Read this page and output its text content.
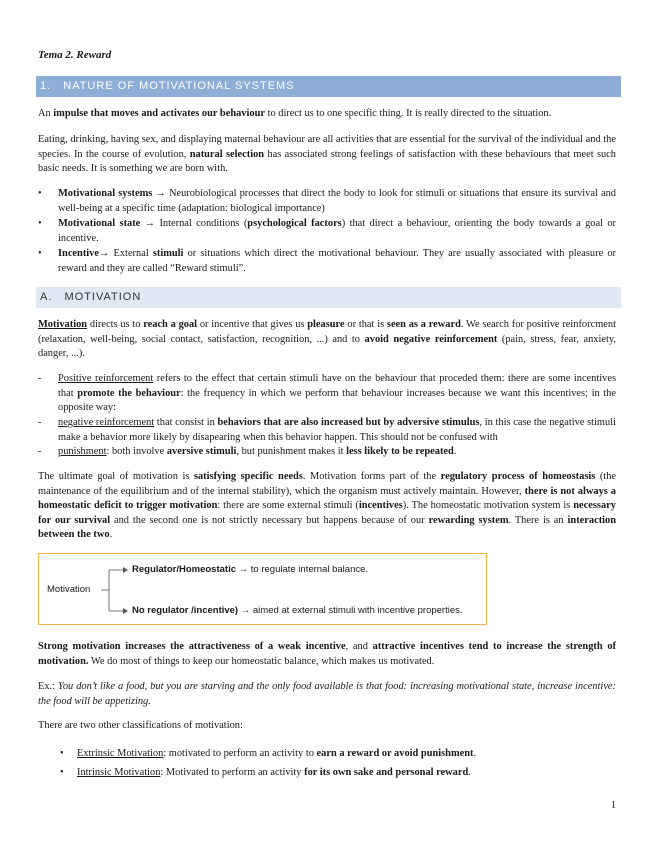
Tema 2. Reward
1. NATURE OF MOTIVATIONAL SYSTEMS

An impulse that moves and activates our behaviour to direct us to one specific thing. It is really directed to the situation.

Eating, drinking, having sex, and displaying maternal behaviour are all activities that are essential for the survival of the individual and the species. In the course of evolution, natural selection has associated strong feelings of satisfaction with these behaviours that meet such basic needs. It is something we are born with.

• Motivational systems → Neurobiological processes that direct the body to look for stimuli or situations that ensure its survival and well-being at a specific time (adaptation: biological importance)
• Motivational state → Internal conditions (psychological factors) that direct a behaviour, orienting the body towards a goal or incentive.
• Incentive→ External stimuli or situations which direct the motivational behaviour. They are usually associated with pleasure or reward and they are called “Reward stimuli”.
A. MOTIVATION

Motivation directs us to reach a goal or incentive that gives us pleasure or that is seen as a reward. We search for positive reinforcment (relaxation, well-being, social contact, satisfaction, recognition, ...) and to avoid negative reinforcement (pain, stress, fear, anxiety, danger, ...).

- Positive reinforcement refers to the effect that certain stimuli have on the behaviour that proceded them: there are some incentives that promote the behaviour: the frequency in which we perform that behaviour increases because we want this incentives; in the opposite way:
- negative reinforcement that consist in behaviors that are also increased but by adversive stimulus, in this case the negative stimuli make a behavior more likely by disapearing when this behavior happen. This should not be confused with
- punishment: both involve aversive stimuli, but punishment makes it less likely to be repeated.

The ultimate goal of motivation is satisfying specific needs. Motivation forms part of the regulatory process of homeostasis (the maintenance of the equilibrium and of the internal stability), which the organism must actively maintain. However, there is not always a homeostatic deficit to trigger motivation: there are some external stimuli (incentives). The homeostatic motivation system is necessary for our survival and the second one is not strictly necessary but happens because of our rewarding system. There is an interaction between the two.

Motivation
Regulator/Homeostatic → to regulate internal balance.
No regulator /incentive) → aimed at external stimuli with incentive properties.

Strong motivation increases the attractiveness of a weak incentive, and attractive incentives tend to increase the strength of motivation. We do most of things to keep our homeostatic balance, which makes us motivated.

Ex.: You don’t like a food, but you are starving and the only food available is that food: increasing motivational state, increase incentive: the food will be appetizing.

There are two other classifications of motivation:

• Extrinsic Motivation: motivated to perform an activity to earn a reward or avoid punishment.
• Intrinsic Motivation: Motivated to perform an activity for its own sake and personal reward.
1
